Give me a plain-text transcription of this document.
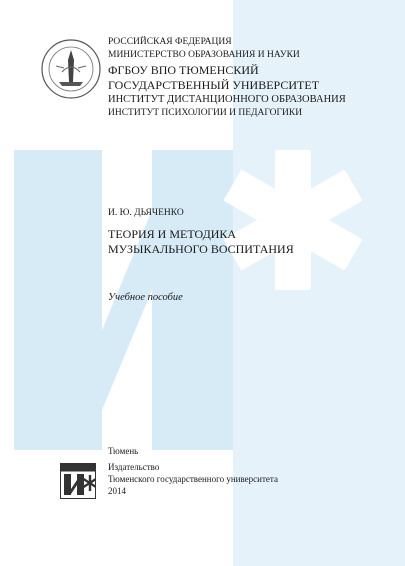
РОССИЙСКАЯ ФЕДЕРАЦИЯ

МИНИСТЕРСТВО ОБРАЗОВАНИЯ И НАУКИ

ФГБОУ ВПО ТЮМЕНСКИЙ

ГОСУДАРСТВЕННЫЙ УНИВЕРСИТЕТ

ИНСТИТУТ ДИСТАНЦИОННОГО ОБРАЗОВАНИЯ

ИНСТИТУТ ПСИХОЛОГИИ И ПЕДАГОГИКИ

И. Ю. ДЬЯЧЕНКО

ТЕОРИЯ И МЕТОДИКА

МУЗЫКАЛЬНОГО ВОСПИТАНИЯ

Учебное пособие

Тюмень

Издательство

Тюменского государственного университета

2014
